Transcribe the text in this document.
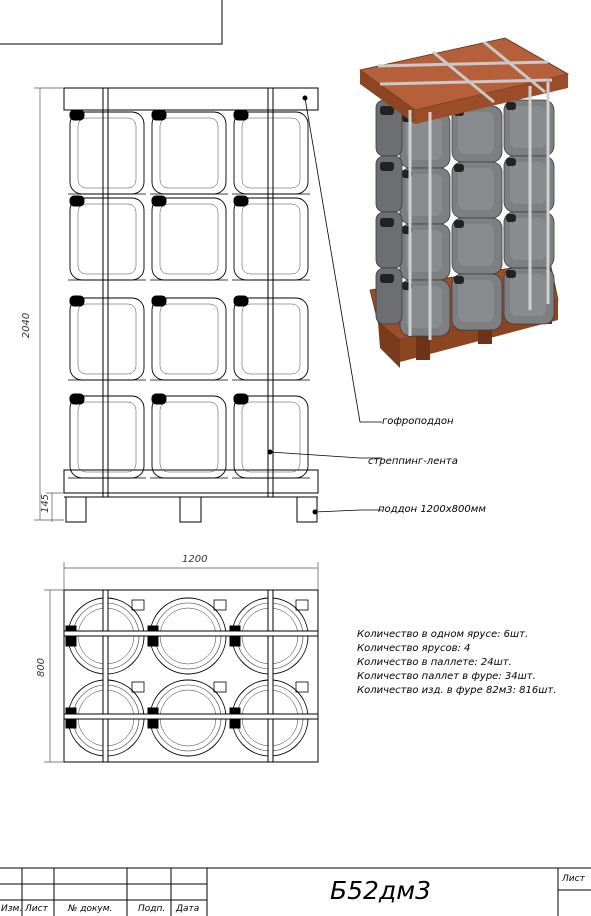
гофроподдон
стреппинг-лента
поддон 1200х800мм
2040
145
1200
800
Количество в одном ярусе: 6шт.
Количество ярусов: 4
Количество в паллете: 24шт.
Количество паллет в фуре: 34шт.
Количество изд. в фуре 82м3: 816шт.
Изм. Лист № докум.	Подп. Дата
Б52дм3	Лист
